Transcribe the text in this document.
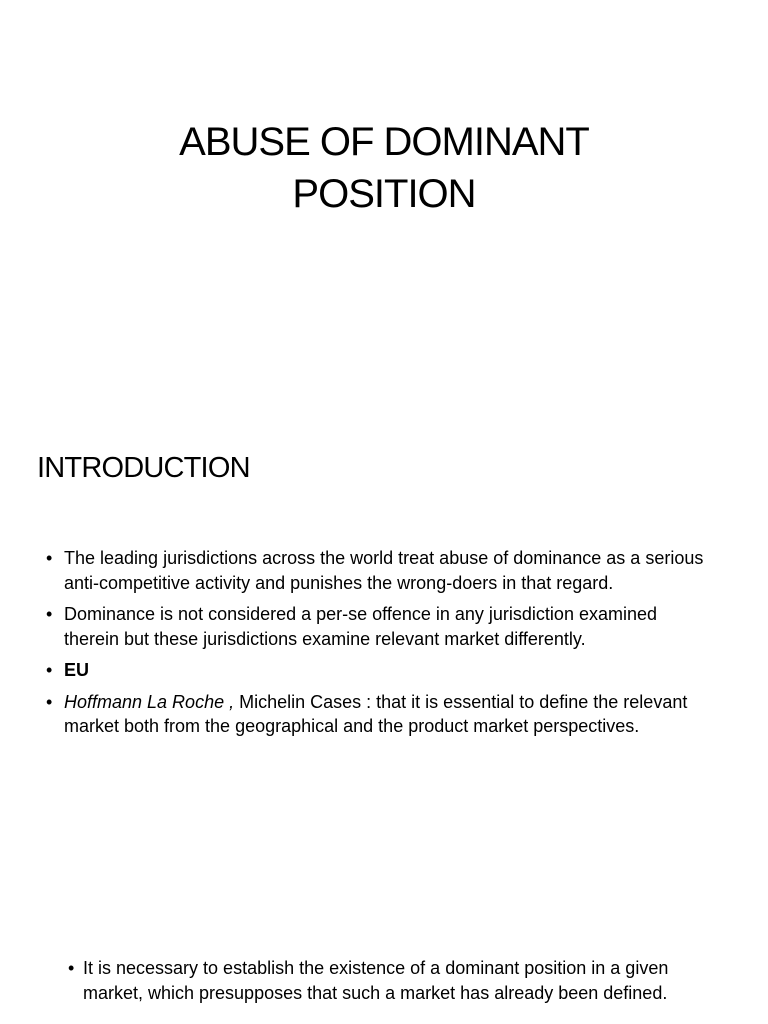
ABUSE OF DOMINANT
POSITION
INTRODUCTION
• The leading jurisdictions across the world treat abuse of dominance as a serious anti-competitive activity and punishes the wrong-doers in that regard.
• Dominance is not considered a per-se offence in any jurisdiction examined therein but these jurisdictions examine relevant market differently.
• EU
• Hoffmann La Roche , Michelin Cases : that it is essential to define the relevant market both from the geographical and the product market perspectives.
• It is necessary to establish the existence of a dominant position in a given market, which presupposes that such a market has already been defined.
